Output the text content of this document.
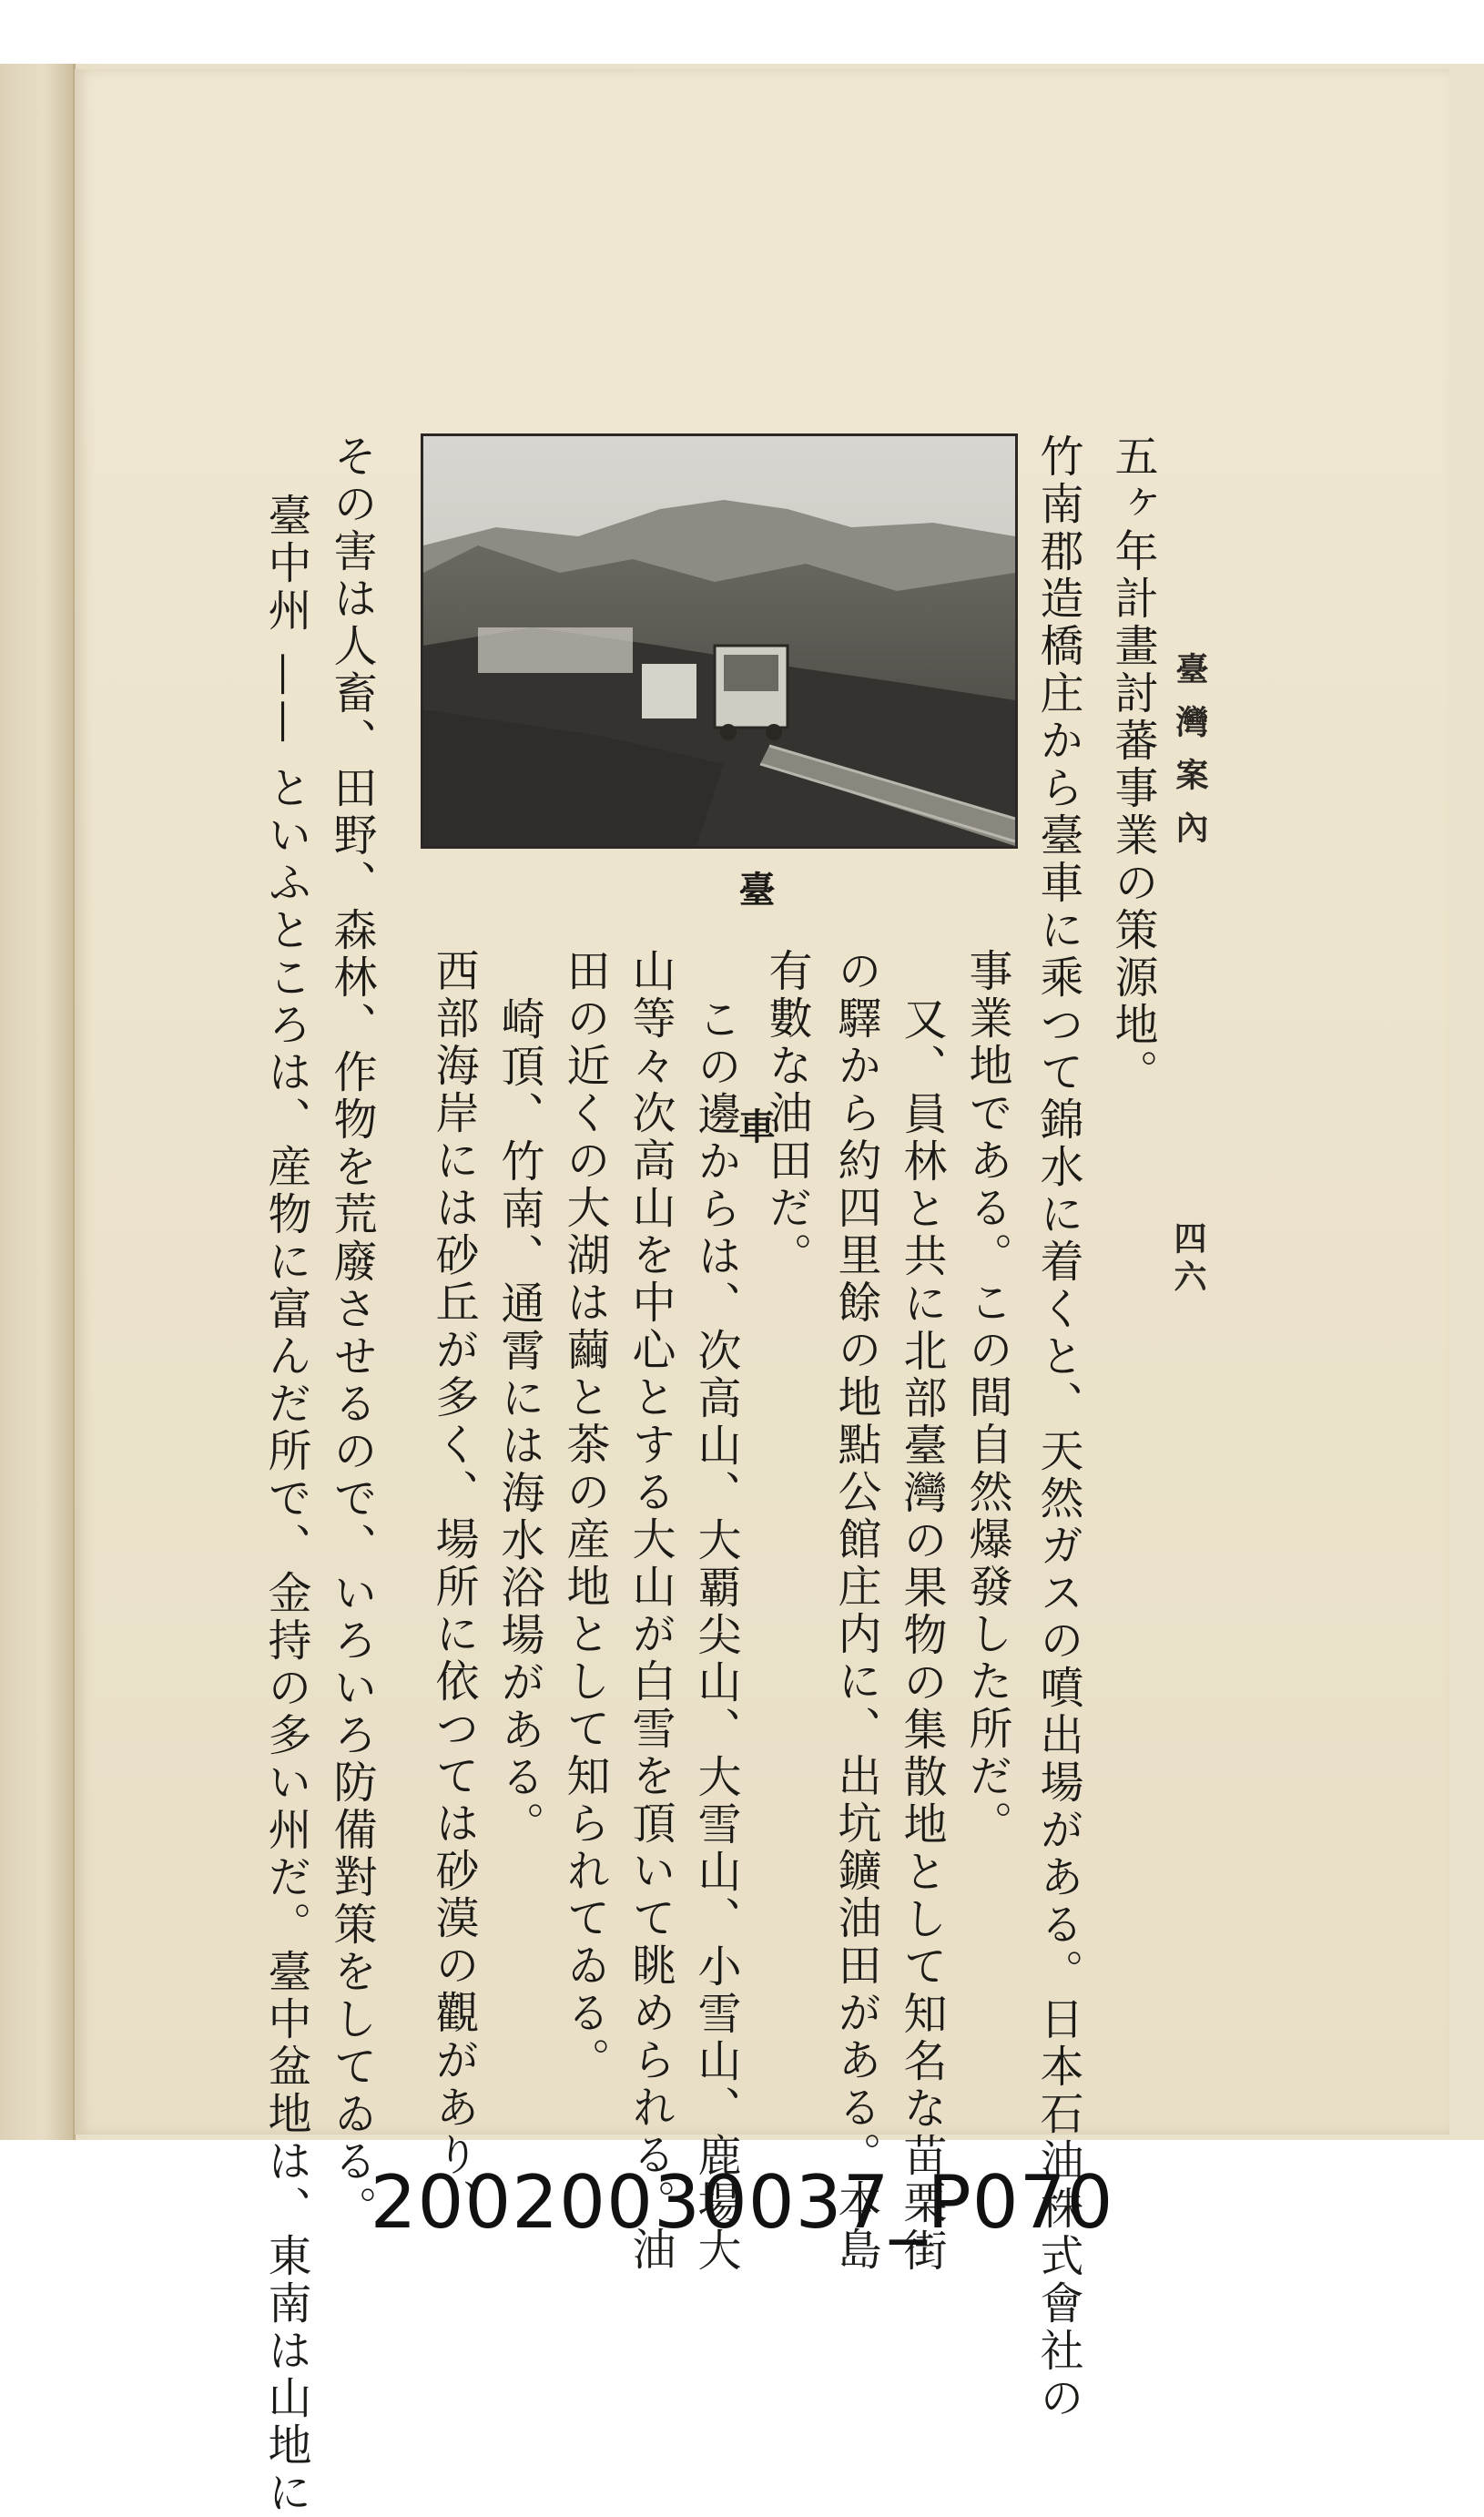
臺灣案內
四六
五ヶ年計畫討蕃事業の策源地。
竹南郡造橋庄から臺車に乘つて錦水に着くと、天然ガスの噴出場がある。日本石油株式會社の
事業地である。この間自然爆發した所だ。
又、員林と共に北部臺灣の果物の集散地として知名な苗栗街
の驛から約四里餘の地點公館庄内に、出坑鑛油田がある。本島
有數な油田だ。
この邊からは、次高山、大覇尖山、大雪山、小雪山、鹿場大
山等々次高山を中心とする大山が白雪を頂いて眺められる。油
田の近くの大湖は繭と茶の産地として知られてゐる。
崎頂、竹南、通霄には海水浴場がある。
西部海岸には砂丘が多く、場所に依つては砂漠の觀があり、
その害は人畜、田野、森林、作物を荒廢させるので、いろいろ防備對策をしてゐる。
臺中州 —— といふところは、産物に富んだ所で、金持の多い州だ。臺中盆地は、東南は山地に	臺車
20020030037_P070
